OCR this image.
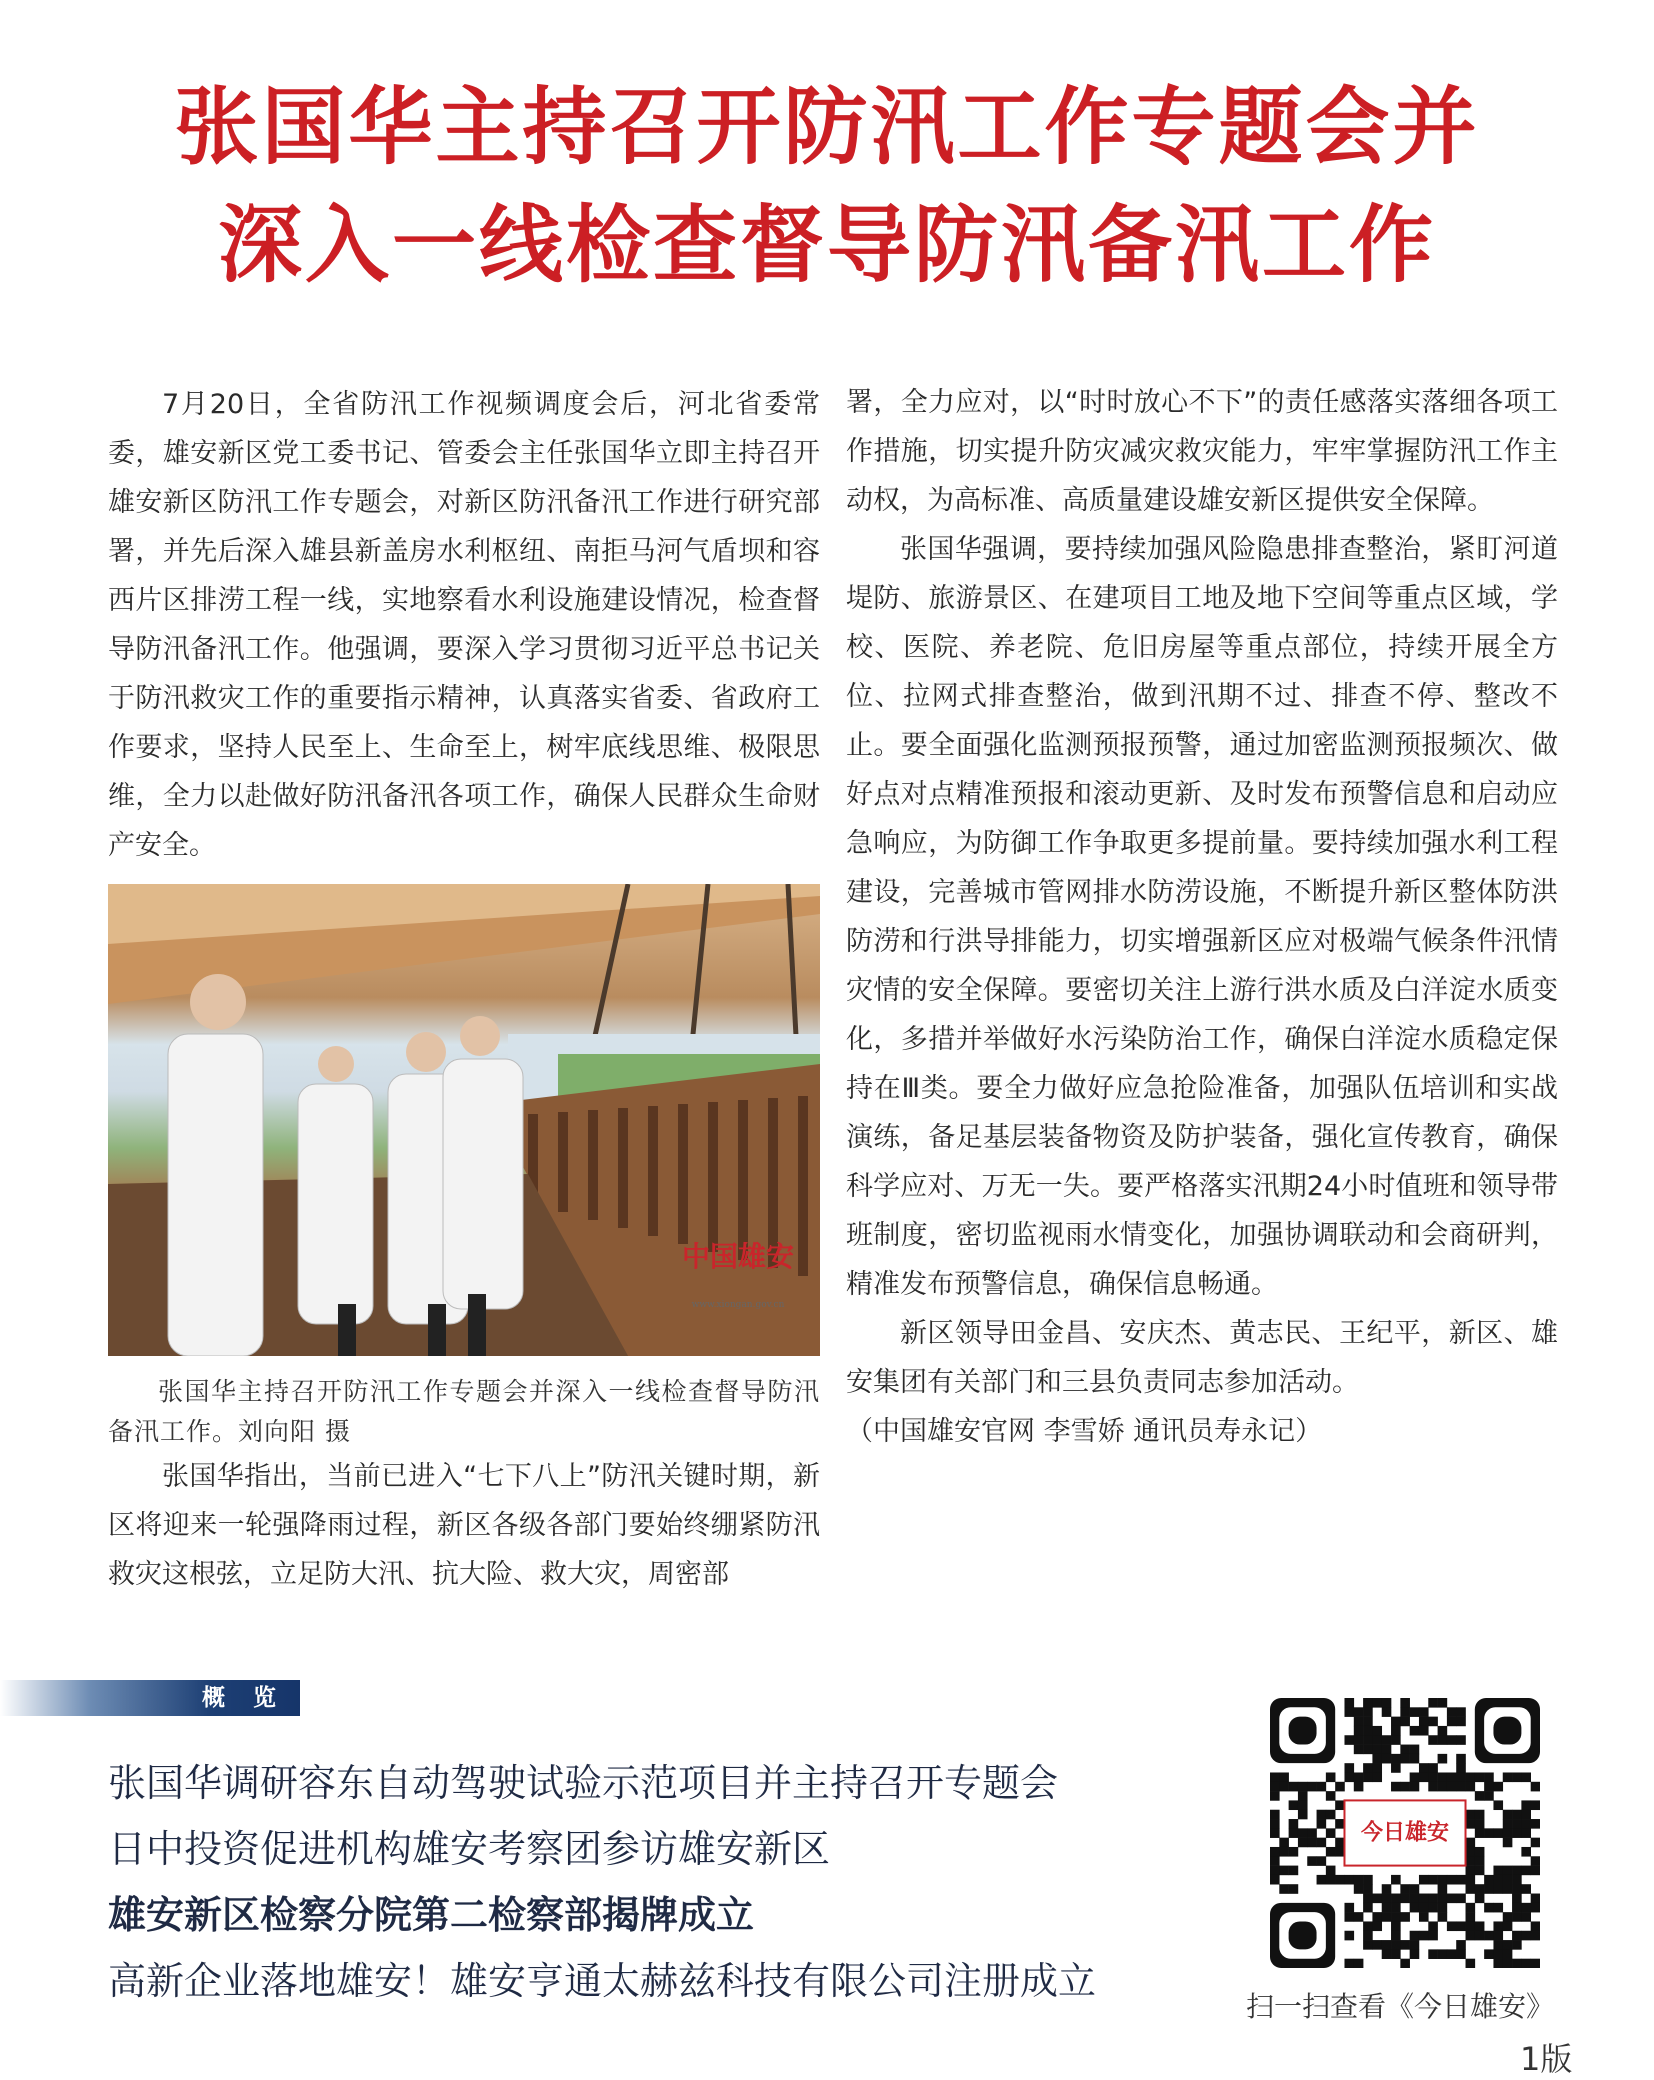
张国华主持召开防汛工作专题会并
深入一线检查督导防汛备汛工作

7月20日，全省防汛工作视频调度会后，河北省委常委，雄安新区党工委书记、管委会主任张国华立即主持召开雄安新区防汛工作专题会，对新区防汛备汛工作进行研究部署，并先后深入雄县新盖房水利枢纽、南拒马河气盾坝和容西片区排涝工程一线，实地察看水利设施建设情况，检查督导防汛备汛工作。他强调，要深入学习贯彻习近平总书记关于防汛救灾工作的重要指示精神，认真落实省委、省政府工作要求，坚持人民至上、生命至上，树牢底线思维、极限思维，全力以赴做好防汛备汛各项工作，确保人民群众生命财产安全。

中国雄安
www.xiongan.gov.cn

张国华主持召开防汛工作专题会并深入一线检查督导防汛备汛工作。刘向阳 摄

张国华指出，当前已进入“七下八上”防汛关键时期，新区将迎来一轮强降雨过程，新区各级各部门要始终绷紧防汛救灾这根弦，立足防大汛、抗大险、救大灾，周密部

署，全力应对，以“时时放心不下”的责任感落实落细各项工作措施，切实提升防灾减灾救灾能力，牢牢掌握防汛工作主动权，为高标准、高质量建设雄安新区提供安全保障。

张国华强调，要持续加强风险隐患排查整治，紧盯河道堤防、旅游景区、在建项目工地及地下空间等重点区域，学校、医院、养老院、危旧房屋等重点部位，持续开展全方位、拉网式排查整治，做到汛期不过、排查不停、整改不止。要全面强化监测预报预警，通过加密监测预报频次、做好点对点精准预报和滚动更新、及时发布预警信息和启动应急响应，为防御工作争取更多提前量。要持续加强水利工程建设，完善城市管网排水防涝设施，不断提升新区整体防洪防涝和行洪导排能力，切实增强新区应对极端气候条件汛情灾情的安全保障。要密切关注上游行洪水质及白洋淀水质变化，多措并举做好水污染防治工作，确保白洋淀水质稳定保持在Ⅲ类。要全力做好应急抢险准备，加强队伍培训和实战演练，备足基层装备物资及防护装备，强化宣传教育，确保科学应对、万无一失。要严格落实汛期24小时值班和领导带班制度，密切监视雨水情变化，加强协调联动和会商研判，精准发布预警信息，确保信息畅通。

新区领导田金昌、安庆杰、黄志民、王纪平，新区、雄安集团有关部门和三县负责同志参加活动。

（中国雄安官网 李雪娇 通讯员寿永记）

概 览
张国华调研容东自动驾驶试验示范项目并主持召开专题会
日中投资促进机构雄安考察团参访雄安新区
雄安新区检察分院第二检察部揭牌成立
高新企业落地雄安！雄安亨通太赫兹科技有限公司注册成立
今日雄安
扫一扫查看《今日雄安》
1版
